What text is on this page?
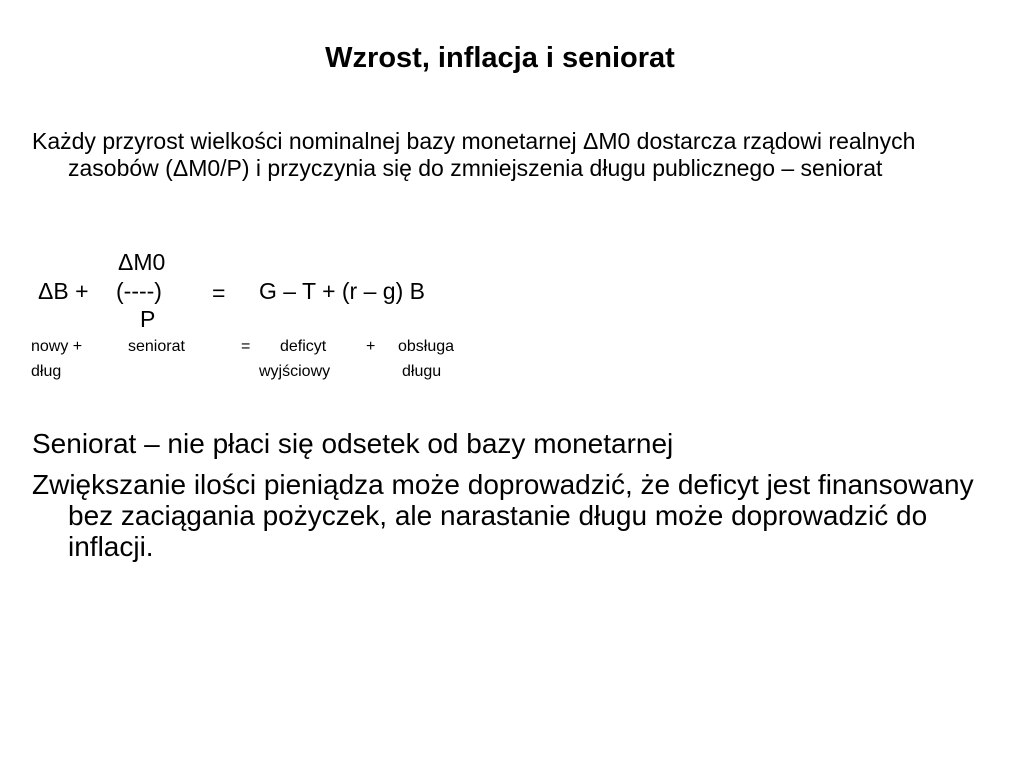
Wzrost, inflacja i seniorat
Każdy przyrost wielkości nominalnej bazy monetarnej ΔM0 dostarcza rządowi realnych zasobów (ΔM0/P) i przyczynia się do zmniejszenia długu publicznego – seniorat
ΔM0
ΔB + (----) = G – T + (r – g) B
P
nowy +	seniorat	= deficyt + obsługa
dług	wyjściowy	długu
Seniorat – nie płaci się odsetek od bazy monetarnej
Zwiększanie ilości pieniądza może doprowadzić, że deficyt jest finansowany bez zaciągania pożyczek, ale narastanie długu może doprowadzić do inflacji.
